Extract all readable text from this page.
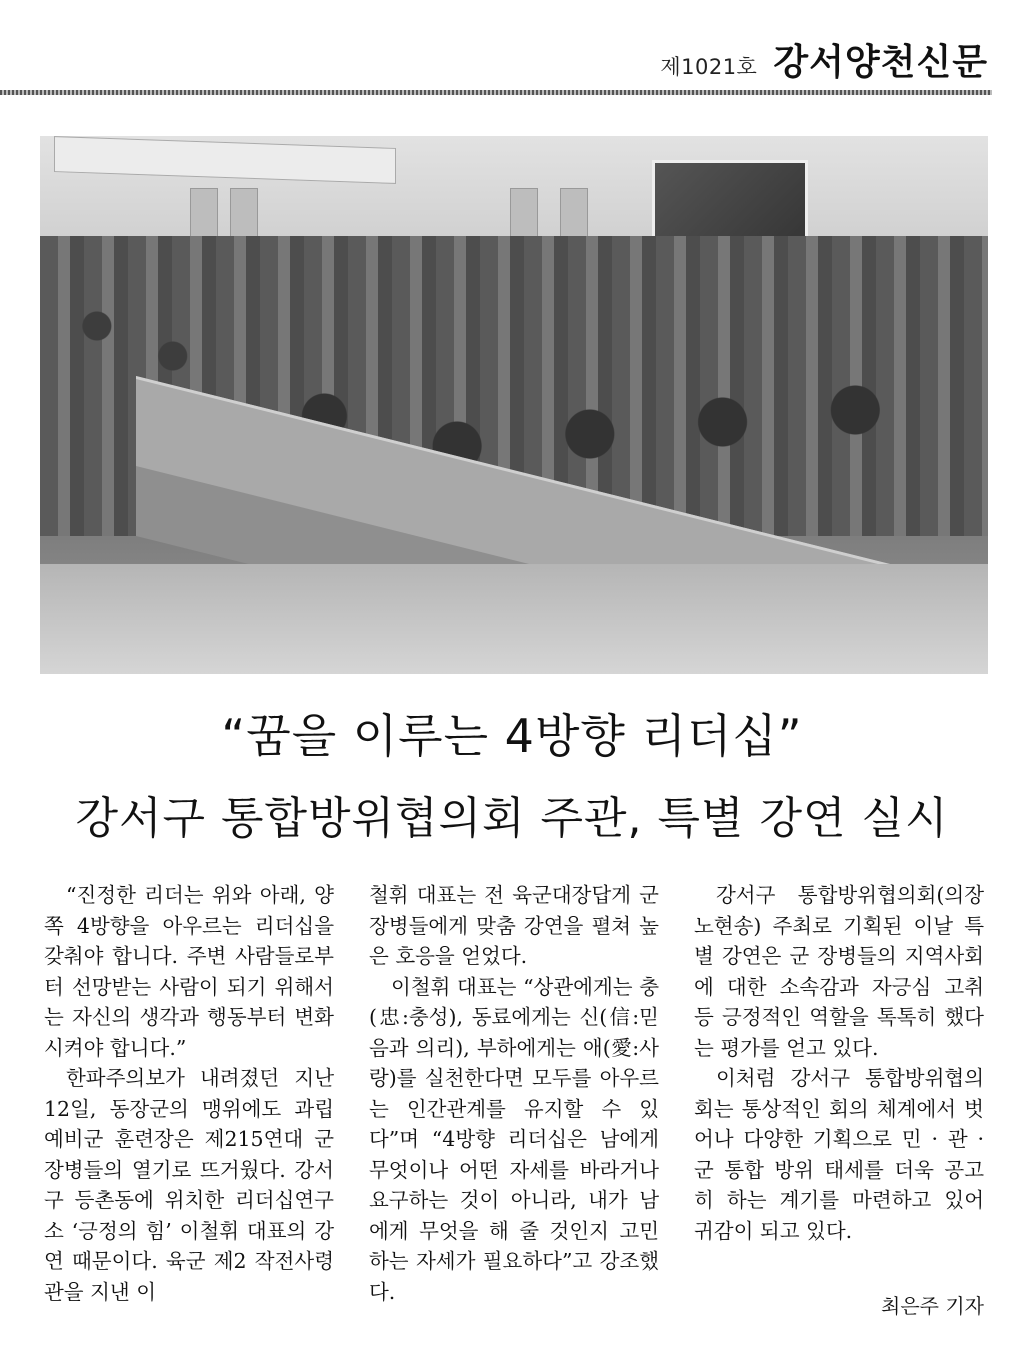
제1021호 강서양천신문
“꿈을 이루는 4방향 리더십”
강서구 통합방위협의회 주관, 특별 강연 실시

“진정한 리더는 위와 아래, 양쪽 4방향을 아우르는 리더십을 갖춰야 합니다. 주변 사람들로부터 선망받는 사람이 되기 위해서는 자신의 생각과 행동부터 변화시켜야 합니다.”

한파주의보가 내려졌던 지난 12일, 동장군의 맹위에도 과립 예비군 훈련장은 제215연대 군장병들의 열기로 뜨거웠다. 강서구 등촌동에 위치한 리더십연구소 ‘긍정의 힘’ 이철휘 대표의 강연 때문이다. 육군 제2 작전사령관을 지낸 이

철휘 대표는 전 육군대장답게 군장병들에게 맞춤 강연을 펼쳐 높은 호응을 얻었다.

이철휘 대표는 “상관에게는 충(忠:충성), 동료에게는 신(信:믿음과 의리), 부하에게는 애(愛:사랑)를 실천한다면 모두를 아우르는 인간관계를 유지할 수 있다”며 “4방향 리더십은 남에게 무엇이나 어떤 자세를 바라거나 요구하는 것이 아니라, 내가 남에게 무엇을 해 줄 것인지 고민하는 자세가 필요하다”고 강조했다.

강서구 통합방위협의회(의장 노현송) 주최로 기획된 이날 특별 강연은 군 장병들의 지역사회에 대한 소속감과 자긍심 고취 등 긍정적인 역할을 톡톡히 했다는 평가를 얻고 있다.

이처럼 강서구 통합방위협의회는 통상적인 회의 체계에서 벗어나 다양한 기획으로 민 · 관 · 군 통합 방위 태세를 더욱 공고히 하는 계기를 마련하고 있어 귀감이 되고 있다.

최은주 기자
